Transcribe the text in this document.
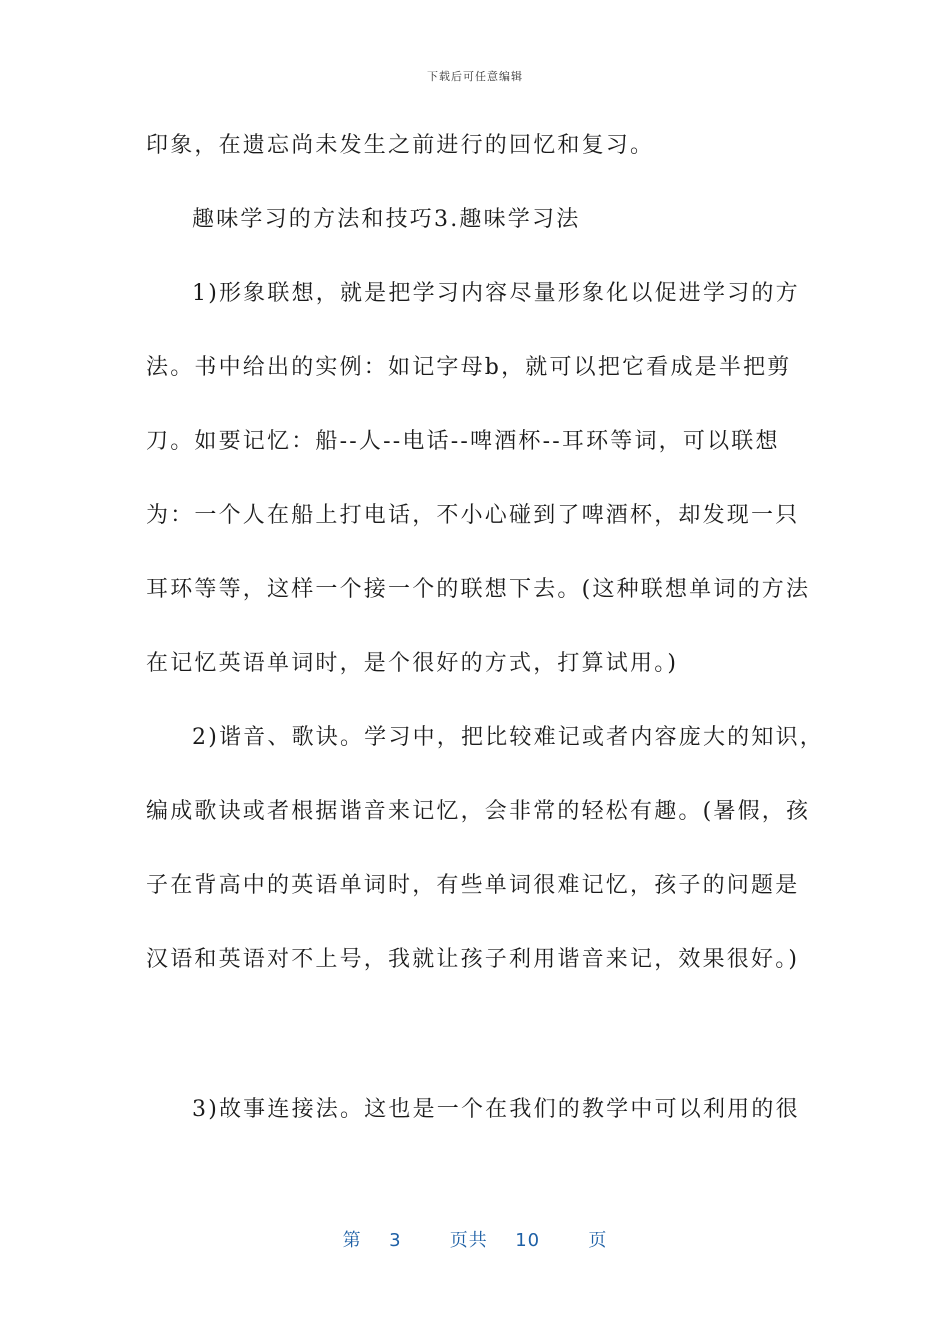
下载后可任意编辑
印象，在遗忘尚未发生之前进行的回忆和复习。
趣味学习的方法和技巧3.趣味学习法
1)形象联想，就是把学习内容尽量形象化以促进学习的方
法。书中给出的实例：如记字母b，就可以把它看成是半把剪
刀。如要记忆：船--人--电话--啤酒杯--耳环等词，可以联想
为：一个人在船上打电话，不小心碰到了啤酒杯，却发现一只
耳环等等，这样一个接一个的联想下去。(这种联想单词的方法
在记忆英语单词时，是个很好的方式，打算试用。)
2)谐音、歌诀。学习中，把比较难记或者内容庞大的知识，
编成歌诀或者根据谐音来记忆，会非常的轻松有趣。(暑假，孩
子在背高中的英语单词时，有些单词很难记忆，孩子的问题是
汉语和英语对不上号，我就让孩子利用谐音来记，效果很好。)
3)故事连接法。这也是一个在我们的教学中可以利用的很
第 3	页共 10	页
